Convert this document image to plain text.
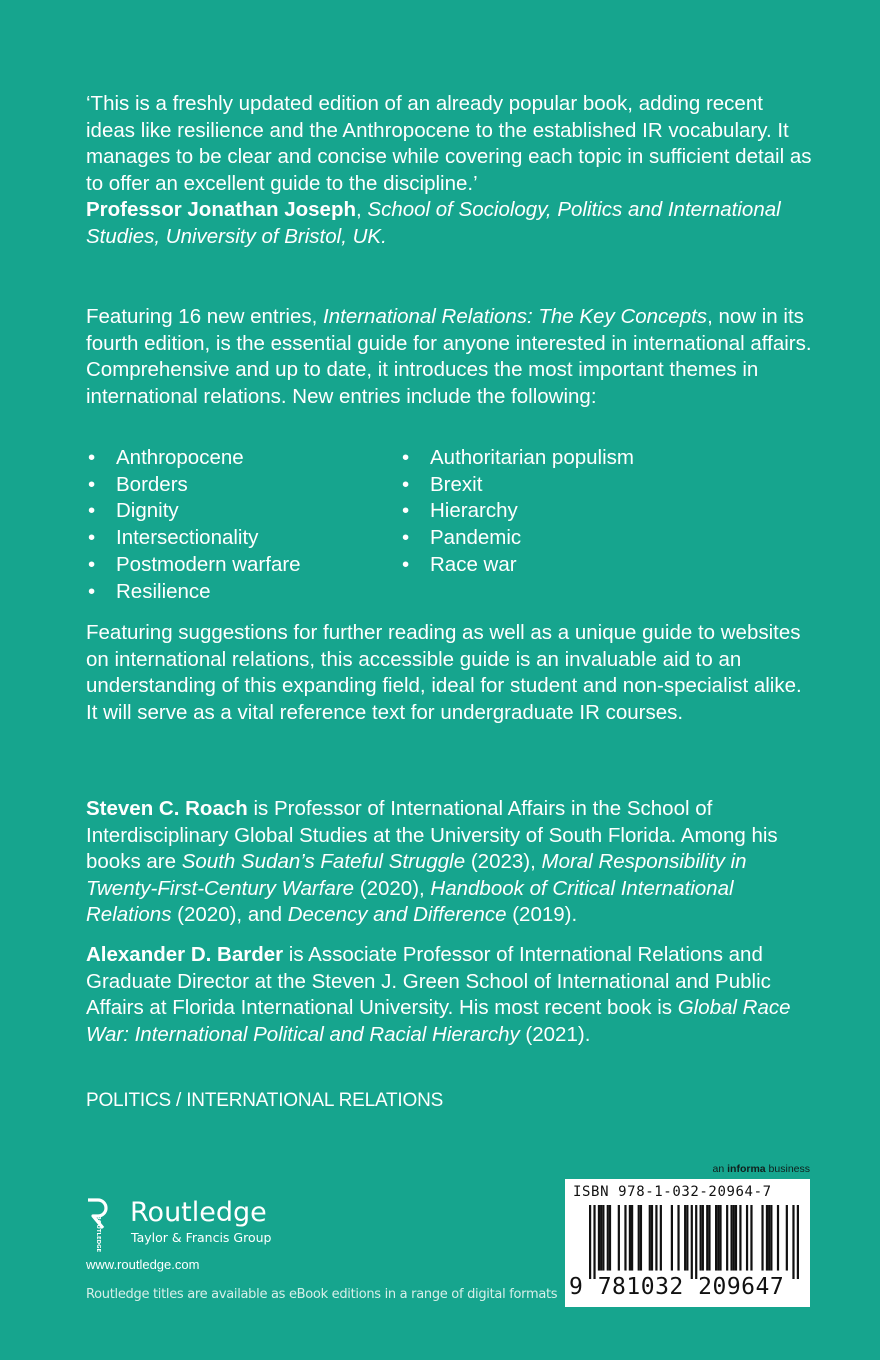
‘This is a freshly updated edition of an already popular book, adding recent ideas like resilience and the Anthropocene to the established IR vocabulary. It manages to be clear and concise while covering each topic in sufficient detail as to offer an excellent guide to the discipline.’
Professor Jonathan Joseph, School of Sociology, Politics and International Studies, University of Bristol, UK.
Featuring 16 new entries, International Relations: The Key Concepts, now in its fourth edition, is the essential guide for anyone interested in international affairs. Comprehensive and up to date, it introduces the most important themes in international relations. New entries include the following:
• Anthropocene
• Borders
• Dignity
• Intersectionality
• Postmodern warfare
• Resilience
• Authoritarian populism
• Brexit
• Hierarchy
• Pandemic
• Race war
Featuring suggestions for further reading as well as a unique guide to websites on international relations, this accessible guide is an invaluable aid to an understanding of this expanding field, ideal for student and non-specialist alike. It will serve as a vital reference text for undergraduate IR courses.
Steven C. Roach is Professor of International Affairs in the School of Interdisciplinary Global Studies at the University of South Florida. Among his books are South Sudan’s Fateful Struggle (2023), Moral Responsibility in Twenty-First-Century Warfare (2020), Handbook of Critical International Relations (2020), and Decency and Difference (2019).
Alexander D. Barder is Associate Professor of International Relations and Graduate Director at the Steven J. Green School of International and Public Affairs at Florida International University. His most recent book is Global Race War: International Political and Racial Hierarchy (2021).
POLITICS / INTERNATIONAL RELATIONS
an informa business
ROUTLEDGE
Routledge
Taylor & Francis Group
www.routledge.com
Routledge titles are available as eBook editions in a range of digital formats
ISBN 978-1-032-20964-7
9 781032 209647
